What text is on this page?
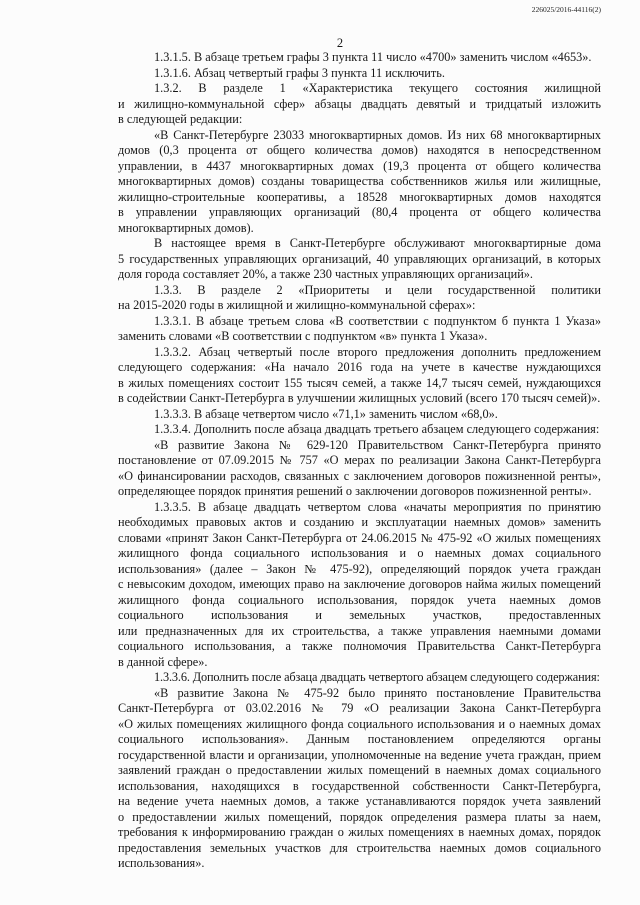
226025/2016-44116(2)
2
1.3.1.5. В абзаце третьем графы 3 пункта 11 число «4700» заменить числом «4653».
1.3.1.6. Абзац четвертый графы 3 пункта 11 исключить.
1.3.2. В разделе 1 «Характеристика текущего состояния жилищной
и жилищно-коммунальной сфер» абзацы двадцать девятый и тридцатый изложить
в следующей редакции:
«В Санкт-Петербурге 23033 многоквартирных домов. Из них 68 многоквартирных
домов (0,3 процента от общего количества домов) находятся в непосредственном
управлении, в 4437 многоквартирных домах (19,3 процента от общего количества
многоквартирных домов) созданы товарищества собственников жилья или жилищные,
жилищно-строительные кооперативы, а 18528 многоквартирных домов находятся
в управлении управляющих организаций (80,4 процента от общего количества
многоквартирных домов).
В настоящее время в Санкт-Петербурге обслуживают многоквартирные дома
5 государственных управляющих организаций, 40 управляющих организаций, в которых
доля города составляет 20%, а также 230 частных управляющих организаций».
1.3.3. В разделе 2 «Приоритеты и цели государственной политики
на 2015-2020 годы в жилищной и жилищно-коммунальной сферах»:
1.3.3.1. В абзаце третьем слова «В соответствии с подпунктом б пункта 1 Указа»
заменить словами «В соответствии с подпунктом «в» пункта 1 Указа».
1.3.3.2. Абзац четвертый после второго предложения дополнить предложением
следующего содержания: «На начало 2016 года на учете в качестве нуждающихся
в жилых помещениях состоит 155 тысяч семей, а также 14,7 тысяч семей, нуждающихся
в содействии Санкт-Петербурга в улучшении жилищных условий (всего 170 тысяч семей)».
1.3.3.3. В абзаце четвертом число «71,1» заменить числом «68,0».
1.3.3.4. Дополнить после абзаца двадцать третьего абзацем следующего содержания:
«В развитие Закона № 629-120 Правительством Санкт-Петербурга принято
постановление от 07.09.2015 № 757 «О мерах по реализации Закона Санкт-Петербурга
«О финансировании расходов, связанных с заключением договоров пожизненной ренты»,
определяющее порядок принятия решений о заключении договоров пожизненной ренты».
1.3.3.5. В абзаце двадцать четвертом слова «начаты мероприятия по принятию
необходимых правовых актов и созданию и эксплуатации наемных домов» заменить
словами «принят Закон Санкт-Петербурга от 24.06.2015 № 475-92 «О жилых помещениях
жилищного фонда социального использования и о наемных домах социального
использования» (далее – Закон № 475-92), определяющий порядок учета граждан
с невысоким доходом, имеющих право на заключение договоров найма жилых помещений
жилищного фонда социального использования, порядок учета наемных домов
социального использования и земельных участков, предоставленных
или предназначенных для их строительства, а также управления наемными домами
социального использования, а также полномочия Правительства Санкт-Петербурга
в данной сфере».
1.3.3.6. Дополнить после абзаца двадцать четвертого абзацем следующего содержания:
«В развитие Закона № 475-92 было принято постановление Правительства
Санкт-Петербурга от 03.02.2016 № 79 «О реализации Закона Санкт-Петербурга
«О жилых помещениях жилищного фонда социального использования и о наемных домах
социального использования». Данным постановлением определяются органы
государственной власти и организации, уполномоченные на ведение учета граждан, прием
заявлений граждан о предоставлении жилых помещений в наемных домах социального
использования, находящихся в государственной собственности Санкт-Петербурга,
на ведение учета наемных домов, а также устанавливаются порядок учета заявлений
о предоставлении жилых помещений, порядок определения размера платы за наем,
требования к информированию граждан о жилых помещениях в наемных домах, порядок
предоставления земельных участков для строительства наемных домов социального
использования».
